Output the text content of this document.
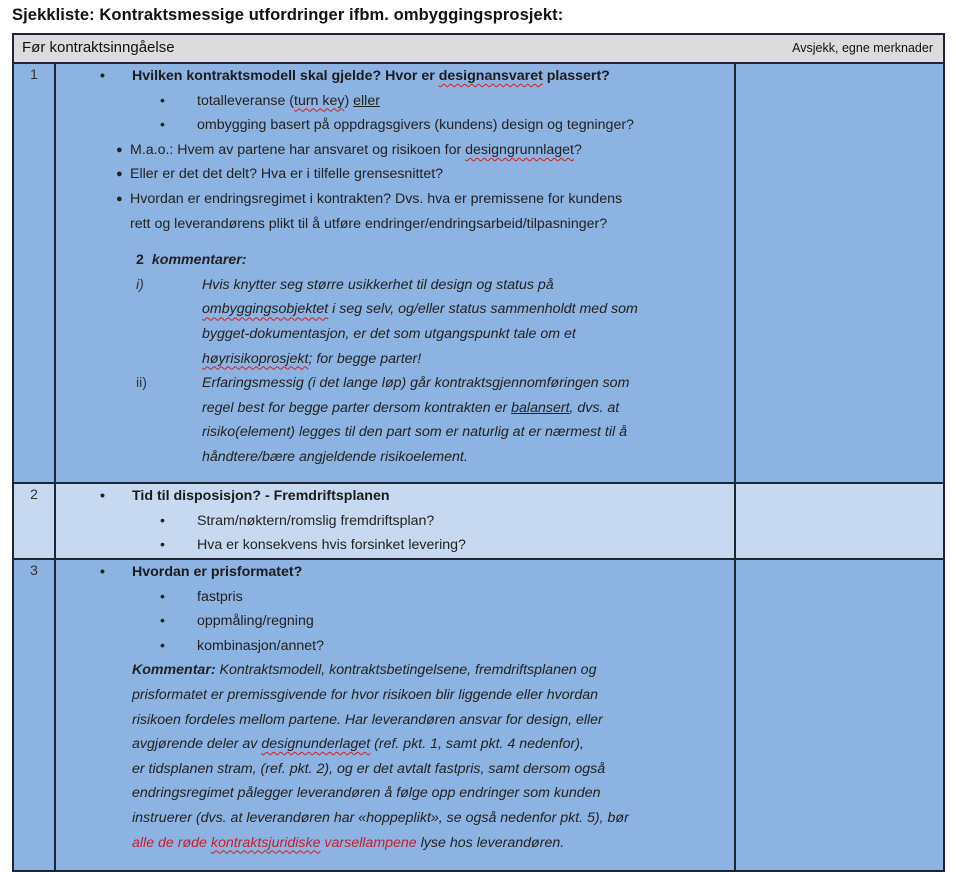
Sjekkliste: Kontraktsmessige utfordringer ifbm. ombyggingsprosjekt:
Før kontraktsinngåelse	Avsjekk, egne merknader
1	• Hvilken kontraktsmodell skal gjelde? Hvor er designansvaret plassert?
• totalleveranse (turn key) eller
• ombygging basert på oppdragsgivers (kundens) design og tegninger?
● M.a.o.: Hvem av partene har ansvaret og risikoen for designgrunnlaget?
● Eller er det det delt? Hva er i tilfelle grensesnittet?
● Hvordan er endringsregimet i kontrakten? Dvs. hva er premissene for kundens
rett og leverandørens plikt til å utføre endringer/endringsarbeid/tilpasninger?
2 kommentarer:
i)	Hvis knytter seg større usikkerhet til design og status på
ombyggingsobjektet i seg selv, og/eller status sammenholdt med som
bygget-dokumentasjon, er det som utgangspunkt tale om et
høyrisikoprosjekt; for begge parter!
ii)	Erfaringsmessig (i det lange løp) går kontraktsgjennomføringen som
regel best for begge parter dersom kontrakten er balansert, dvs. at
risiko(element) legges til den part som er naturlig at er nærmest til å
håndtere/bære angjeldende risikoelement.
2	• Tid til disposisjon? - Fremdriftsplanen
• Stram/nøktern/romslig fremdriftsplan?
• Hva er konsekvens hvis forsinket levering?
3	• Hvordan er prisformatet?
• fastpris
• oppmåling/regning
• kombinasjon/annet?
Kommentar: Kontraktsmodell, kontraktsbetingelsene, fremdriftsplanen og
prisformatet er premissgivende for hvor risikoen blir liggende eller hvordan
risikoen fordeles mellom partene. Har leverandøren ansvar for design, eller
avgjørende deler av designunderlaget (ref. pkt. 1, samt pkt. 4 nedenfor),
er tidsplanen stram, (ref. pkt. 2), og er det avtalt fastpris, samt dersom også
endringsregimet pålegger leverandøren å følge opp endringer som kunden
instruerer (dvs. at leverandøren har «hoppeplikt», se også nedenfor pkt. 5), bør
alle de røde kontraktsjuridiske varsellampene lyse hos leverandøren.
